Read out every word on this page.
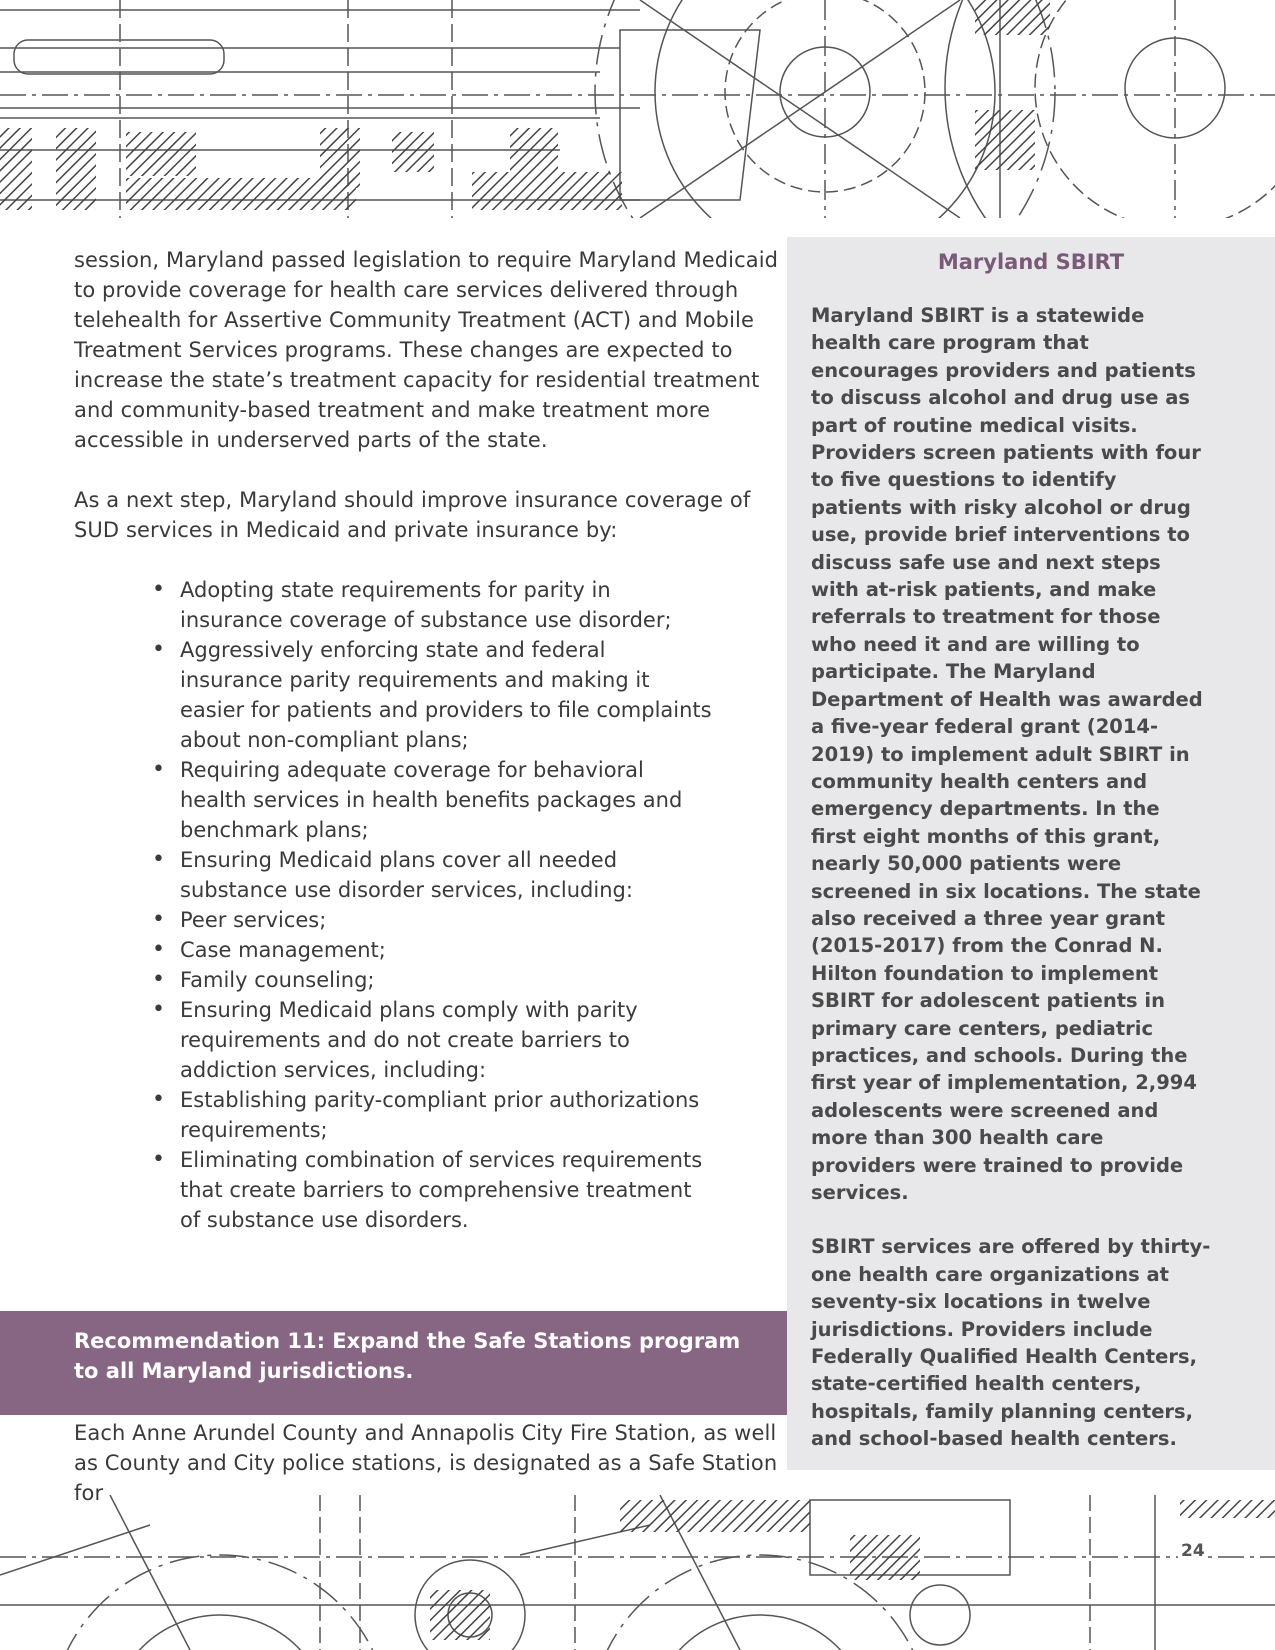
session, Maryland passed legislation to require Maryland Medicaid to provide coverage for health care services delivered through telehealth for Assertive Community Treatment (ACT) and Mobile Treatment Services programs. These changes are expected to increase the state’s treatment capacity for residential treatment and community-based treatment and make treatment more accessible in underserved parts of the state.

As a next step, Maryland should improve insurance coverage of SUD services in Medicaid and private insurance by:

• Adopting state requirements for parity in insurance coverage of substance use disorder;
• Aggressively enforcing state and federal insurance parity requirements and making it easier for patients and providers to file complaints about non-compliant plans;
• Requiring adequate coverage for behavioral health services in health benefits packages and benchmark plans;
• Ensuring Medicaid plans cover all needed substance use disorder services, including:
• Peer services;
• Case management;
• Family counseling;
• Ensuring Medicaid plans comply with parity requirements and do not create barriers to addiction services, including:
• Establishing parity-compliant prior authorizations requirements;
• Eliminating combination of services requirements that create barriers to comprehensive treatment of substance use disorders.

Recommendation 11: Expand the Safe Stations program to all Maryland jurisdictions.

Each Anne Arundel County and Annapolis City Fire Station, as well as County and City police stations, is designated as a Safe Station for

Maryland SBIRT

Maryland SBIRT is a statewide health care program that encourages providers and patients to discuss alcohol and drug use as part of routine medical visits. Providers screen patients with four to five questions to identify patients with risky alcohol or drug use, provide brief interventions to discuss safe use and next steps with at-risk patients, and make referrals to treatment for those who need it and are willing to participate. The Maryland Department of Health was awarded a five-year federal grant (2014-2019) to implement adult SBIRT in community health centers and emergency departments. In the first eight months of this grant, nearly 50,000 patients were screened in six locations. The state also received a three year grant (2015-2017) from the Conrad N. Hilton foundation to implement SBIRT for adolescent patients in primary care centers, pediatric practices, and schools. During the first year of implementation, 2,994 adolescents were screened and more than 300 health care providers were trained to provide services.

SBIRT services are offered by thirty-one health care organizations at seventy-six locations in twelve jurisdictions. Providers include Federally Qualified Health Centers, state-certified health centers, hospitals, family planning centers, and school-based health centers.

24
